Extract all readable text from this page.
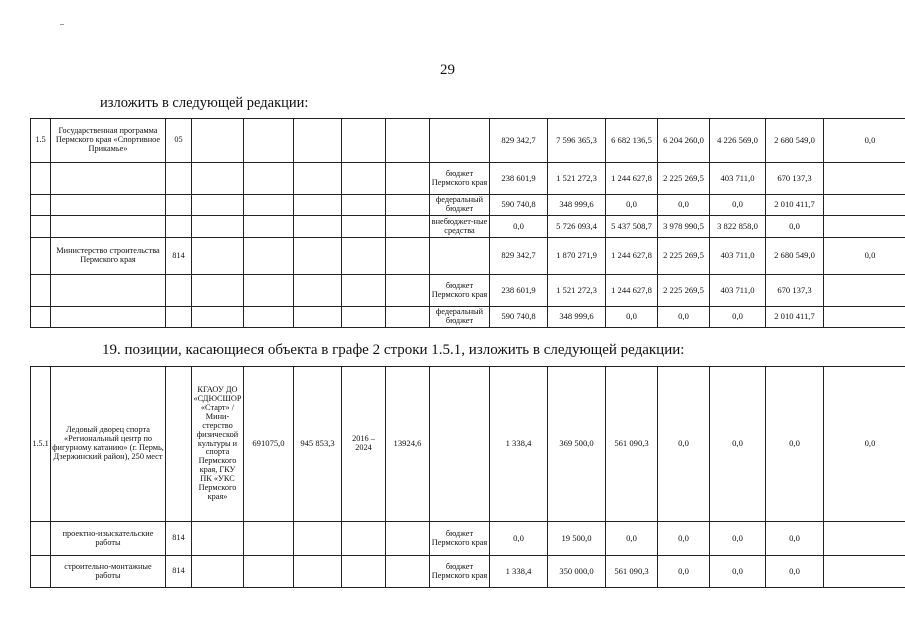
29
изложить в следующей редакции:
1.5	Государственная программа Пермского края «Спортивное Прикамье»	05							829 342,7	7 596 365,3	6 682 136,5	6 204 260,0	4 226 569,0	2 680 549,0	0,0
								бюджет Пермского края	238 601,9	1 521 272,3	1 244 627,8	2 225 269,5	403 711,0	670 137,3	
								федеральный бюджет	590 740,8	348 999,6	0,0	0,0	0,0	2 010 411,7	
								внебюджет-ные средства	0,0	5 726 093,4	5 437 508,7	3 978 990,5	3 822 858,0	0,0	
	Министерство строительства Пермского края	814							829 342,7	1 870 271,9	1 244 627,8	2 225 269,5	403 711,0	2 680 549,0	0,0
								бюджет Пермского края	238 601,9	1 521 272,3	1 244 627,8	2 225 269,5	403 711,0	670 137,3	
								федеральный бюджет	590 740,8	348 999,6	0,0	0,0	0,0	2 010 411,7	
19. позиции, касающиеся объекта в графе 2 строки 1.5.1, изложить в следующей редакции:
1.5.1	Ледовый дворец спорта «Региональный центр по фигурному катанию» (г. Пермь, Дзержинский район), 250 мест		КГАОУ ДО «СДЮСШОР «Старт» / Мини-стерство физической культуры и спорта Пермского края, ГКУ ПК «УКС Пермского края»	691075,0	945 853,3	2016 – 2024	13924,6		1 338,4	369 500,0	561 090,3	0,0	0,0	0,0	0,0
	проектно-изыскательские работы	814						бюджет Пермского края	0,0	19 500,0	0,0	0,0	0,0	0,0	
	строительно-монтажные работы	814						бюджет Пермского края	1 338,4	350 000,0	561 090,3	0,0	0,0	0,0	
